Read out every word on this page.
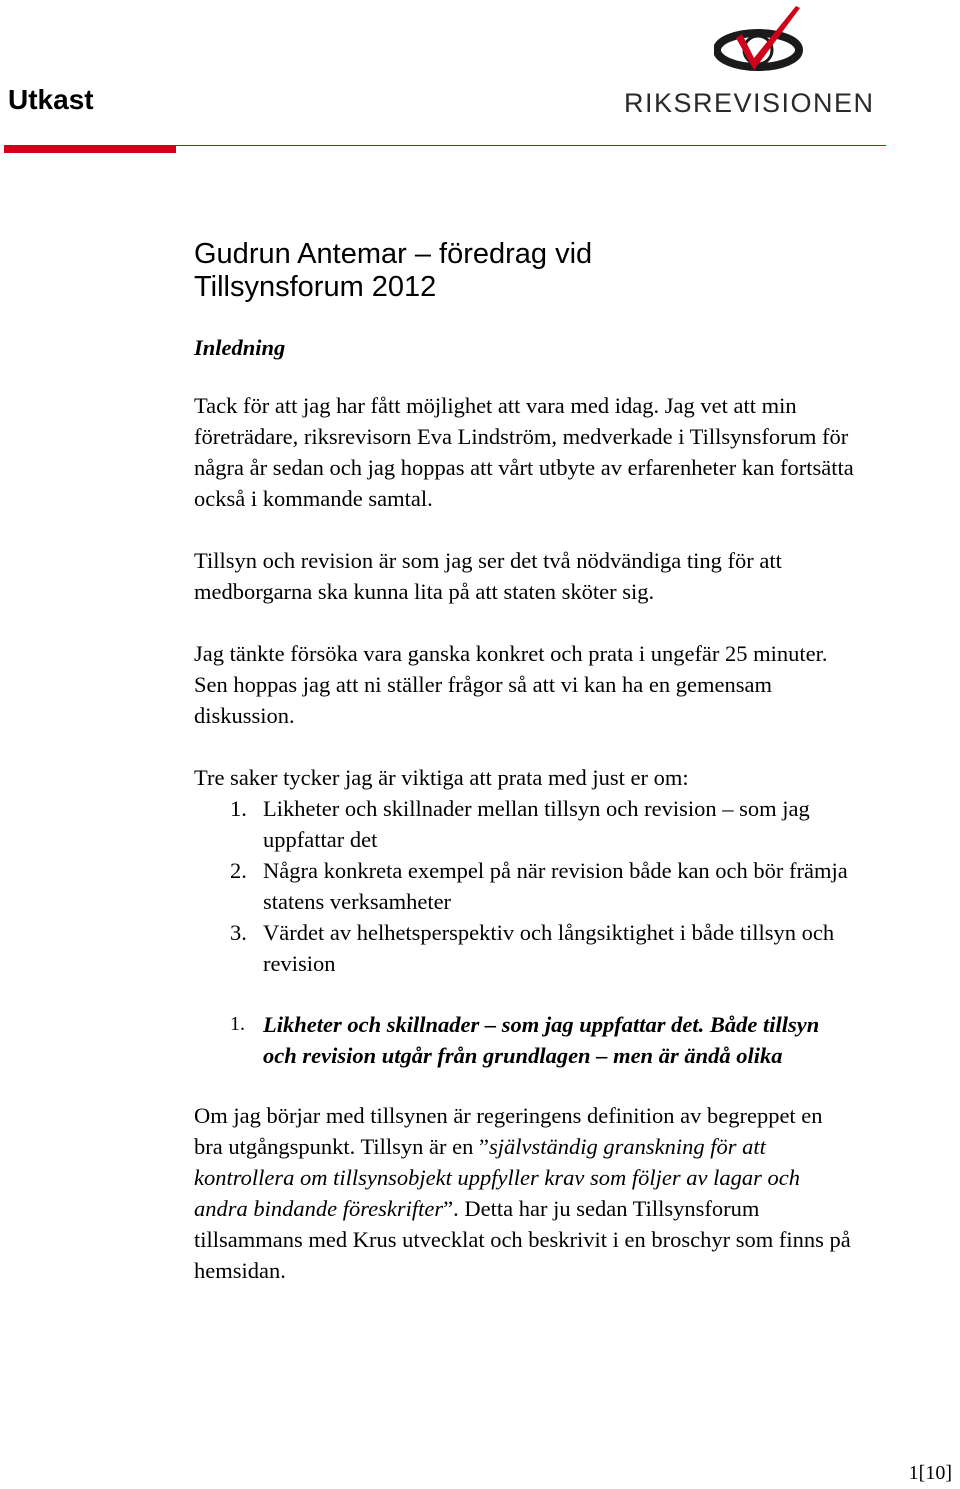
Utkast	RIKSREVISIONEN
Gudrun Antemar – föredrag vid
Tillsynsforum 2012
Inledning

Tack för att jag har fått möjlighet att vara med idag. Jag vet att min företrädare, riksrevisorn Eva Lindström, medverkade i Tillsynsforum för några år sedan och jag hoppas att vårt utbyte av erfarenheter kan fortsätta också i kommande samtal.

Tillsyn och revision är som jag ser det två nödvändiga ting för att medborgarna ska kunna lita på att staten sköter sig.

Jag tänkte försöka vara ganska konkret och prata i ungefär 25 minuter. Sen hoppas jag att ni ställer frågor så att vi kan ha en gemensam diskussion.

Tre saker tycker jag är viktiga att prata med just er om:
1. Likheter och skillnader mellan tillsyn och revision – som jag uppfattar det
2. Några konkreta exempel på när revision både kan och bör främja statens verksamheter
3. Värdet av helhetsperspektiv och långsiktighet i både tillsyn och revision
1. Likheter och skillnader – som jag uppfattar det. Både tillsyn och revision utgår från grundlagen – men är ändå olika

Om jag börjar med tillsynen är regeringens definition av begreppet en bra utgångspunkt. Tillsyn är en ”självständig granskning för att kontrollera om tillsynsobjekt uppfyller krav som följer av lagar och andra bindande föreskrifter”. Detta har ju sedan Tillsynsforum tillsammans med Krus utvecklat och beskrivit i en broschyr som finns på hemsidan.

1[10]
